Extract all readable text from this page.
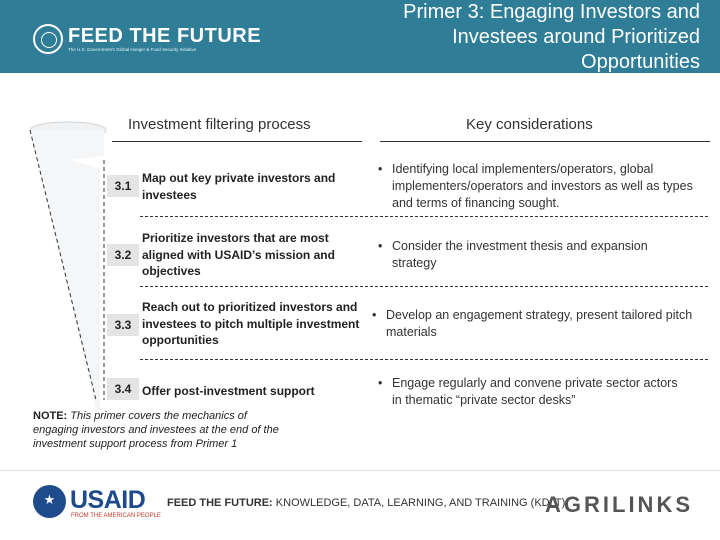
FEED THE FUTURE
The U.S. Government's Global Hunger & Food Security Initiative
Primer 3: Engaging Investors and
Investees around Prioritized
Opportunities
Investment filtering process	Key considerations
3.1
Map out key private investors and investees
• Identifying local implementers/operators, global implementers/operators and investors as well as types and terms of financing sought.
3.2
Prioritize investors that are most aligned with USAID’s mission and objectives
• Consider the investment thesis and expansion strategy
3.3
Reach out to prioritized investors and investees to pitch multiple investment opportunities
• Develop an engagement strategy, present tailored pitch materials
3.4 Offer post-investment support
• Engage regularly and convene private sector actors in thematic “private sector desks”
NOTE: This primer covers the mechanics of engaging investors and investees at the end of the investment support process from Primer 1
★ USAID
FROM THE AMERICAN PEOPLE
FEED THE FUTURE: KNOWLEDGE, DATA, LEARNING, AND TRAINING (KDLT)
AGRILINKS
